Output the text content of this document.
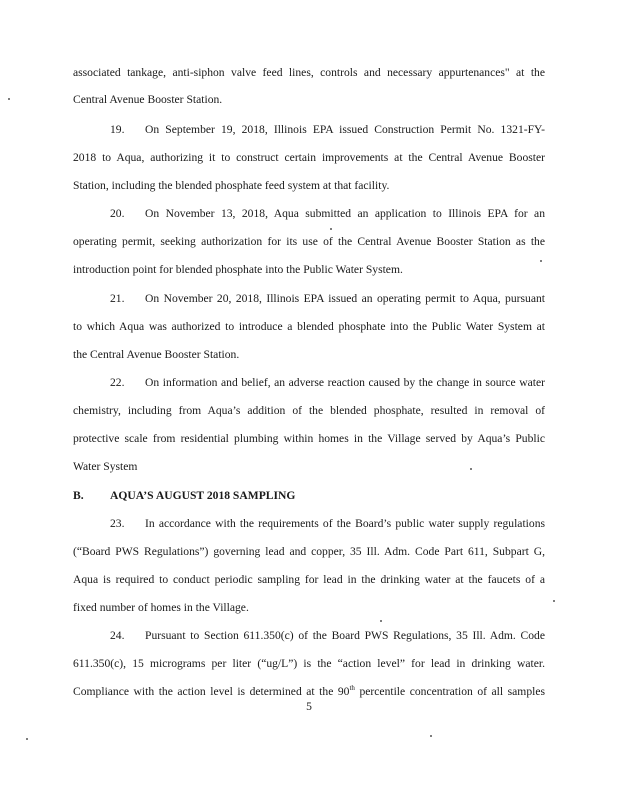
associated tankage, anti-siphon valve feed lines, controls and necessary appurtenances" at the
Central Avenue Booster Station.
19. On September 19, 2018, Illinois EPA issued Construction Permit No. 1321-FY-
2018 to Aqua, authorizing it to construct certain improvements at the Central Avenue Booster
Station, including the blended phosphate feed system at that facility.
20. On November 13, 2018, Aqua submitted an application to Illinois EPA for an
operating permit, seeking authorization for its use of the Central Avenue Booster Station as the
introduction point for blended phosphate into the Public Water System.
21. On November 20, 2018, Illinois EPA issued an operating permit to Aqua, pursuant
to which Aqua was authorized to introduce a blended phosphate into the Public Water System at
the Central Avenue Booster Station.
22. On information and belief, an adverse reaction caused by the change in source water
chemistry, including from Aqua’s addition of the blended phosphate, resulted in removal of
protective scale from residential plumbing within homes in the Village served by Aqua’s Public
Water System
B. AQUA’S AUGUST 2018 SAMPLING
23. In accordance with the requirements of the Board’s public water supply regulations
(“Board PWS Regulations”) governing lead and copper, 35 Ill. Adm. Code Part 611, Subpart G,
Aqua is required to conduct periodic sampling for lead in the drinking water at the faucets of a
fixed number of homes in the Village.
24. Pursuant to Section 611.350(c) of the Board PWS Regulations, 35 Ill. Adm. Code
611.350(c), 15 micrograms per liter (“ug/L”) is the “action level” for lead in drinking water.
Compliance with the action level is determined at the 90th percentile concentration of all samples
5
